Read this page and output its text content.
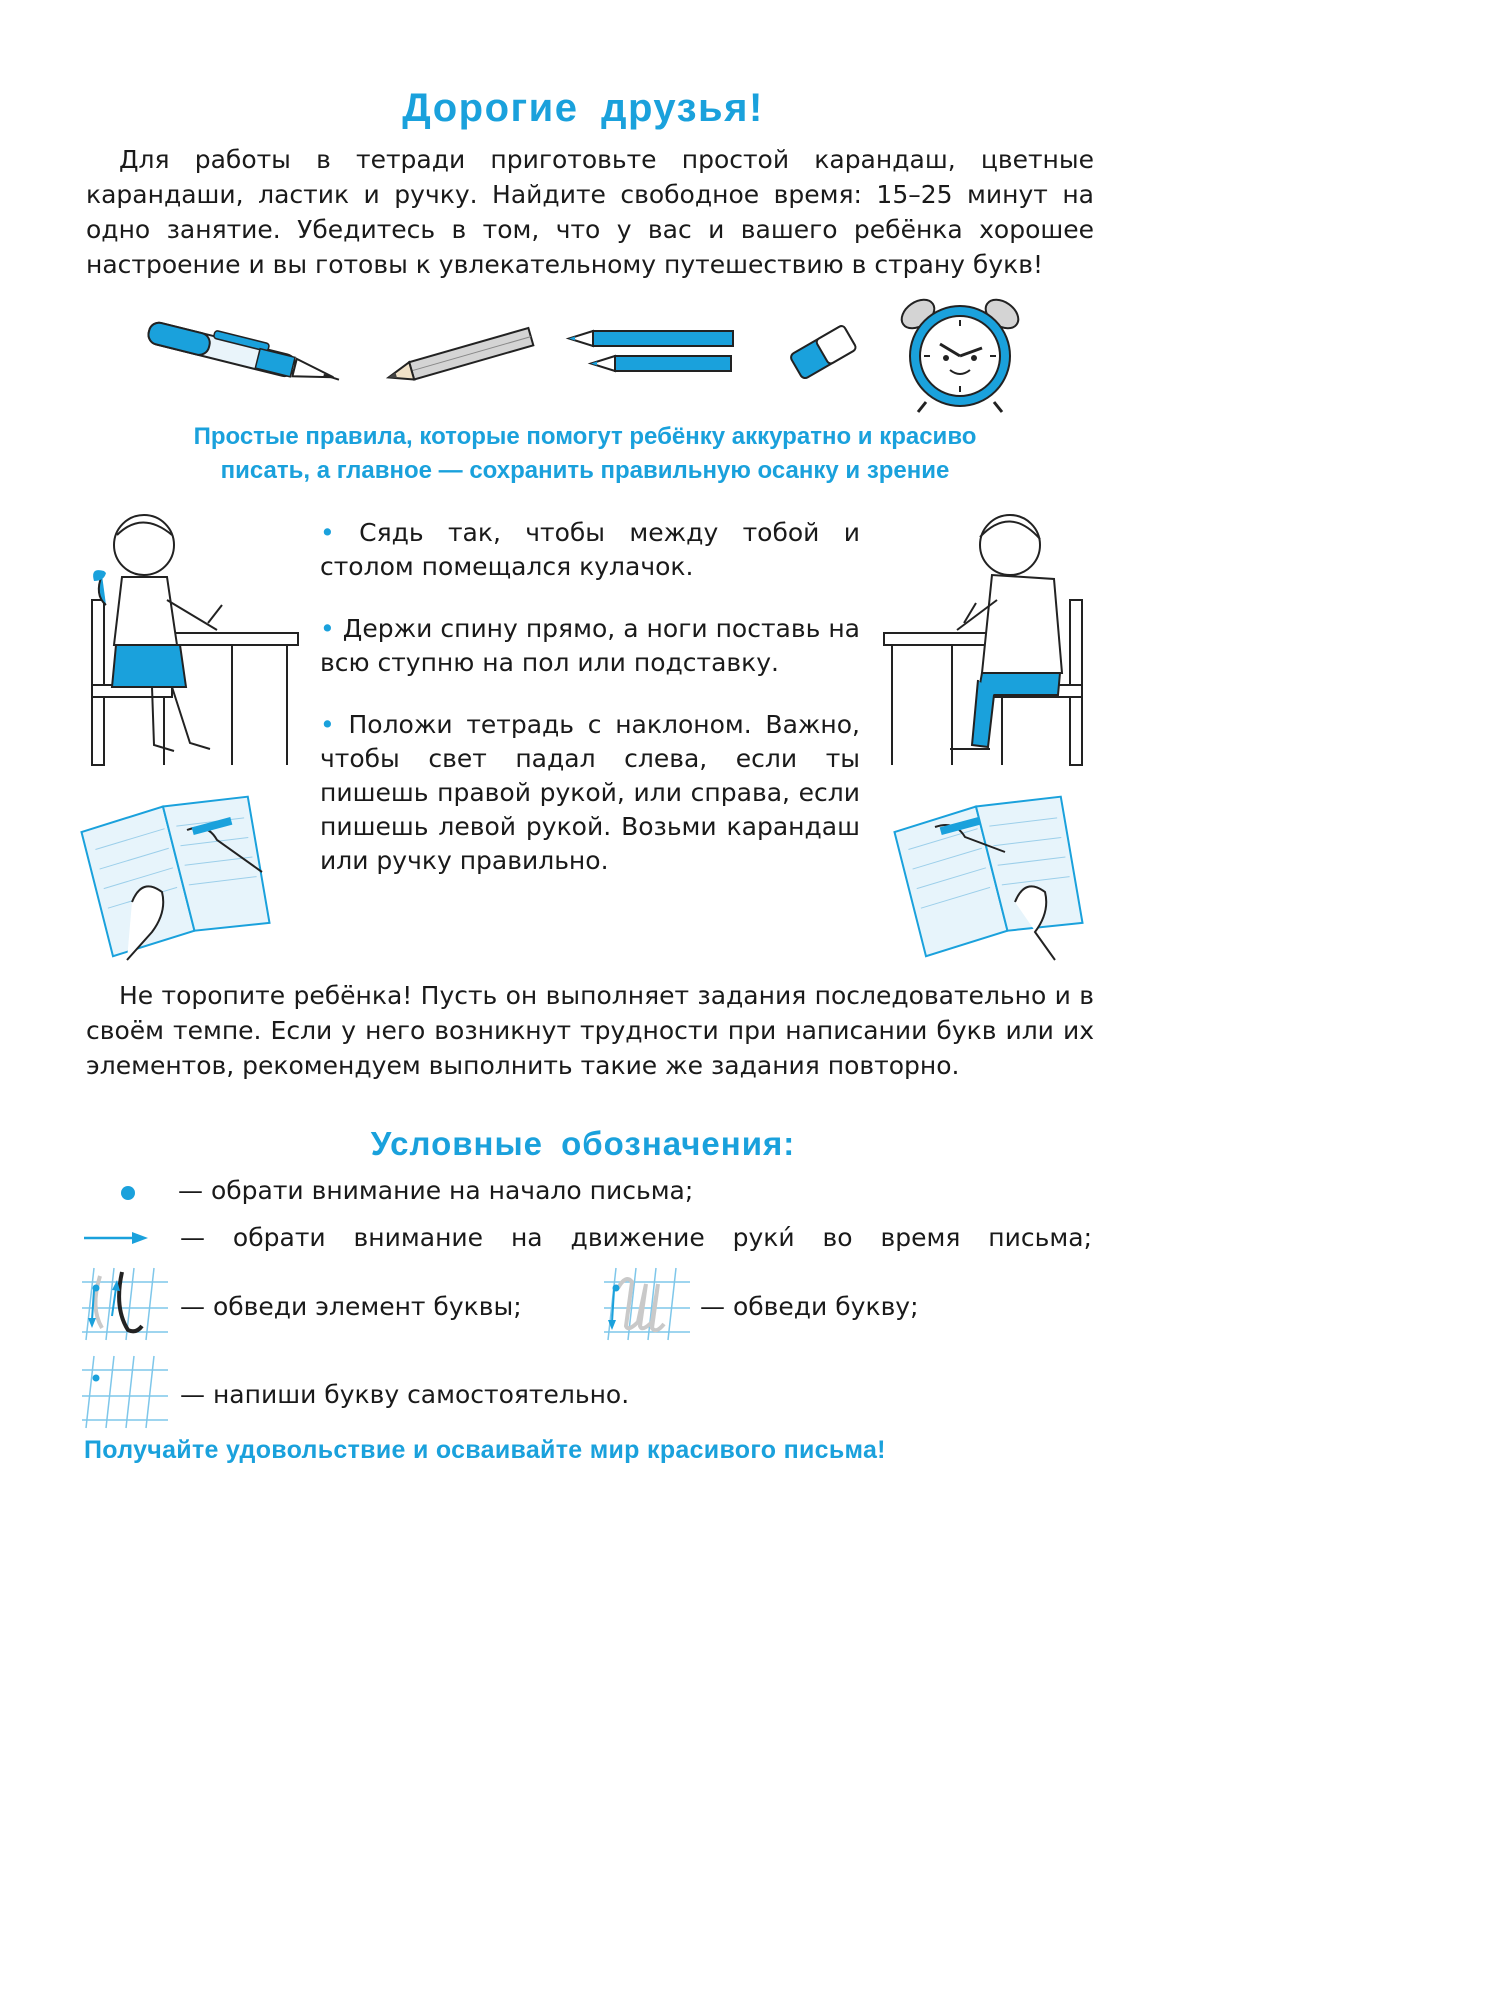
Дорогие друзья!
Для работы в тетради приготовьте простой карандаш, цветные карандаши, ластик и ручку. Найдите свободное время: 15–25 минут на одно занятие. Убедитесь в том, что у вас и вашего ребёнка хорошее настроение и вы готовы к увлекательному путешествию в страну букв!
Простые правила, которые помогут ребёнку аккуратно и красиво
писать, а главное — сохранить правильную осанку и зрение

• Сядь так, чтобы между тобой и столом помещался кулачок.

• Держи спину прямо, а ноги поставь на всю ступню на пол или подставку.

• Положи тетрадь с наклоном. Важно, чтобы свет падал слева, если ты пишешь правой рукой, или справа, если пишешь левой рукой. Возьми карандаш или ручку правильно.

Не торопите ребёнка! Пусть он выполняет задания последовательно и в своём темпе. Если у него возникнут трудности при написании букв или их элементов, рекомендуем выполнить такие же задания повторно.
Условные обозначения:
— обрати внимание на начало письма;
— обрати внимание на движение руки́ во время письма;
— обведи элемент буквы;	— обведи букву;
— напиши букву самостоятельно.
Получайте удовольствие и осваивайте мир красивого письма!
